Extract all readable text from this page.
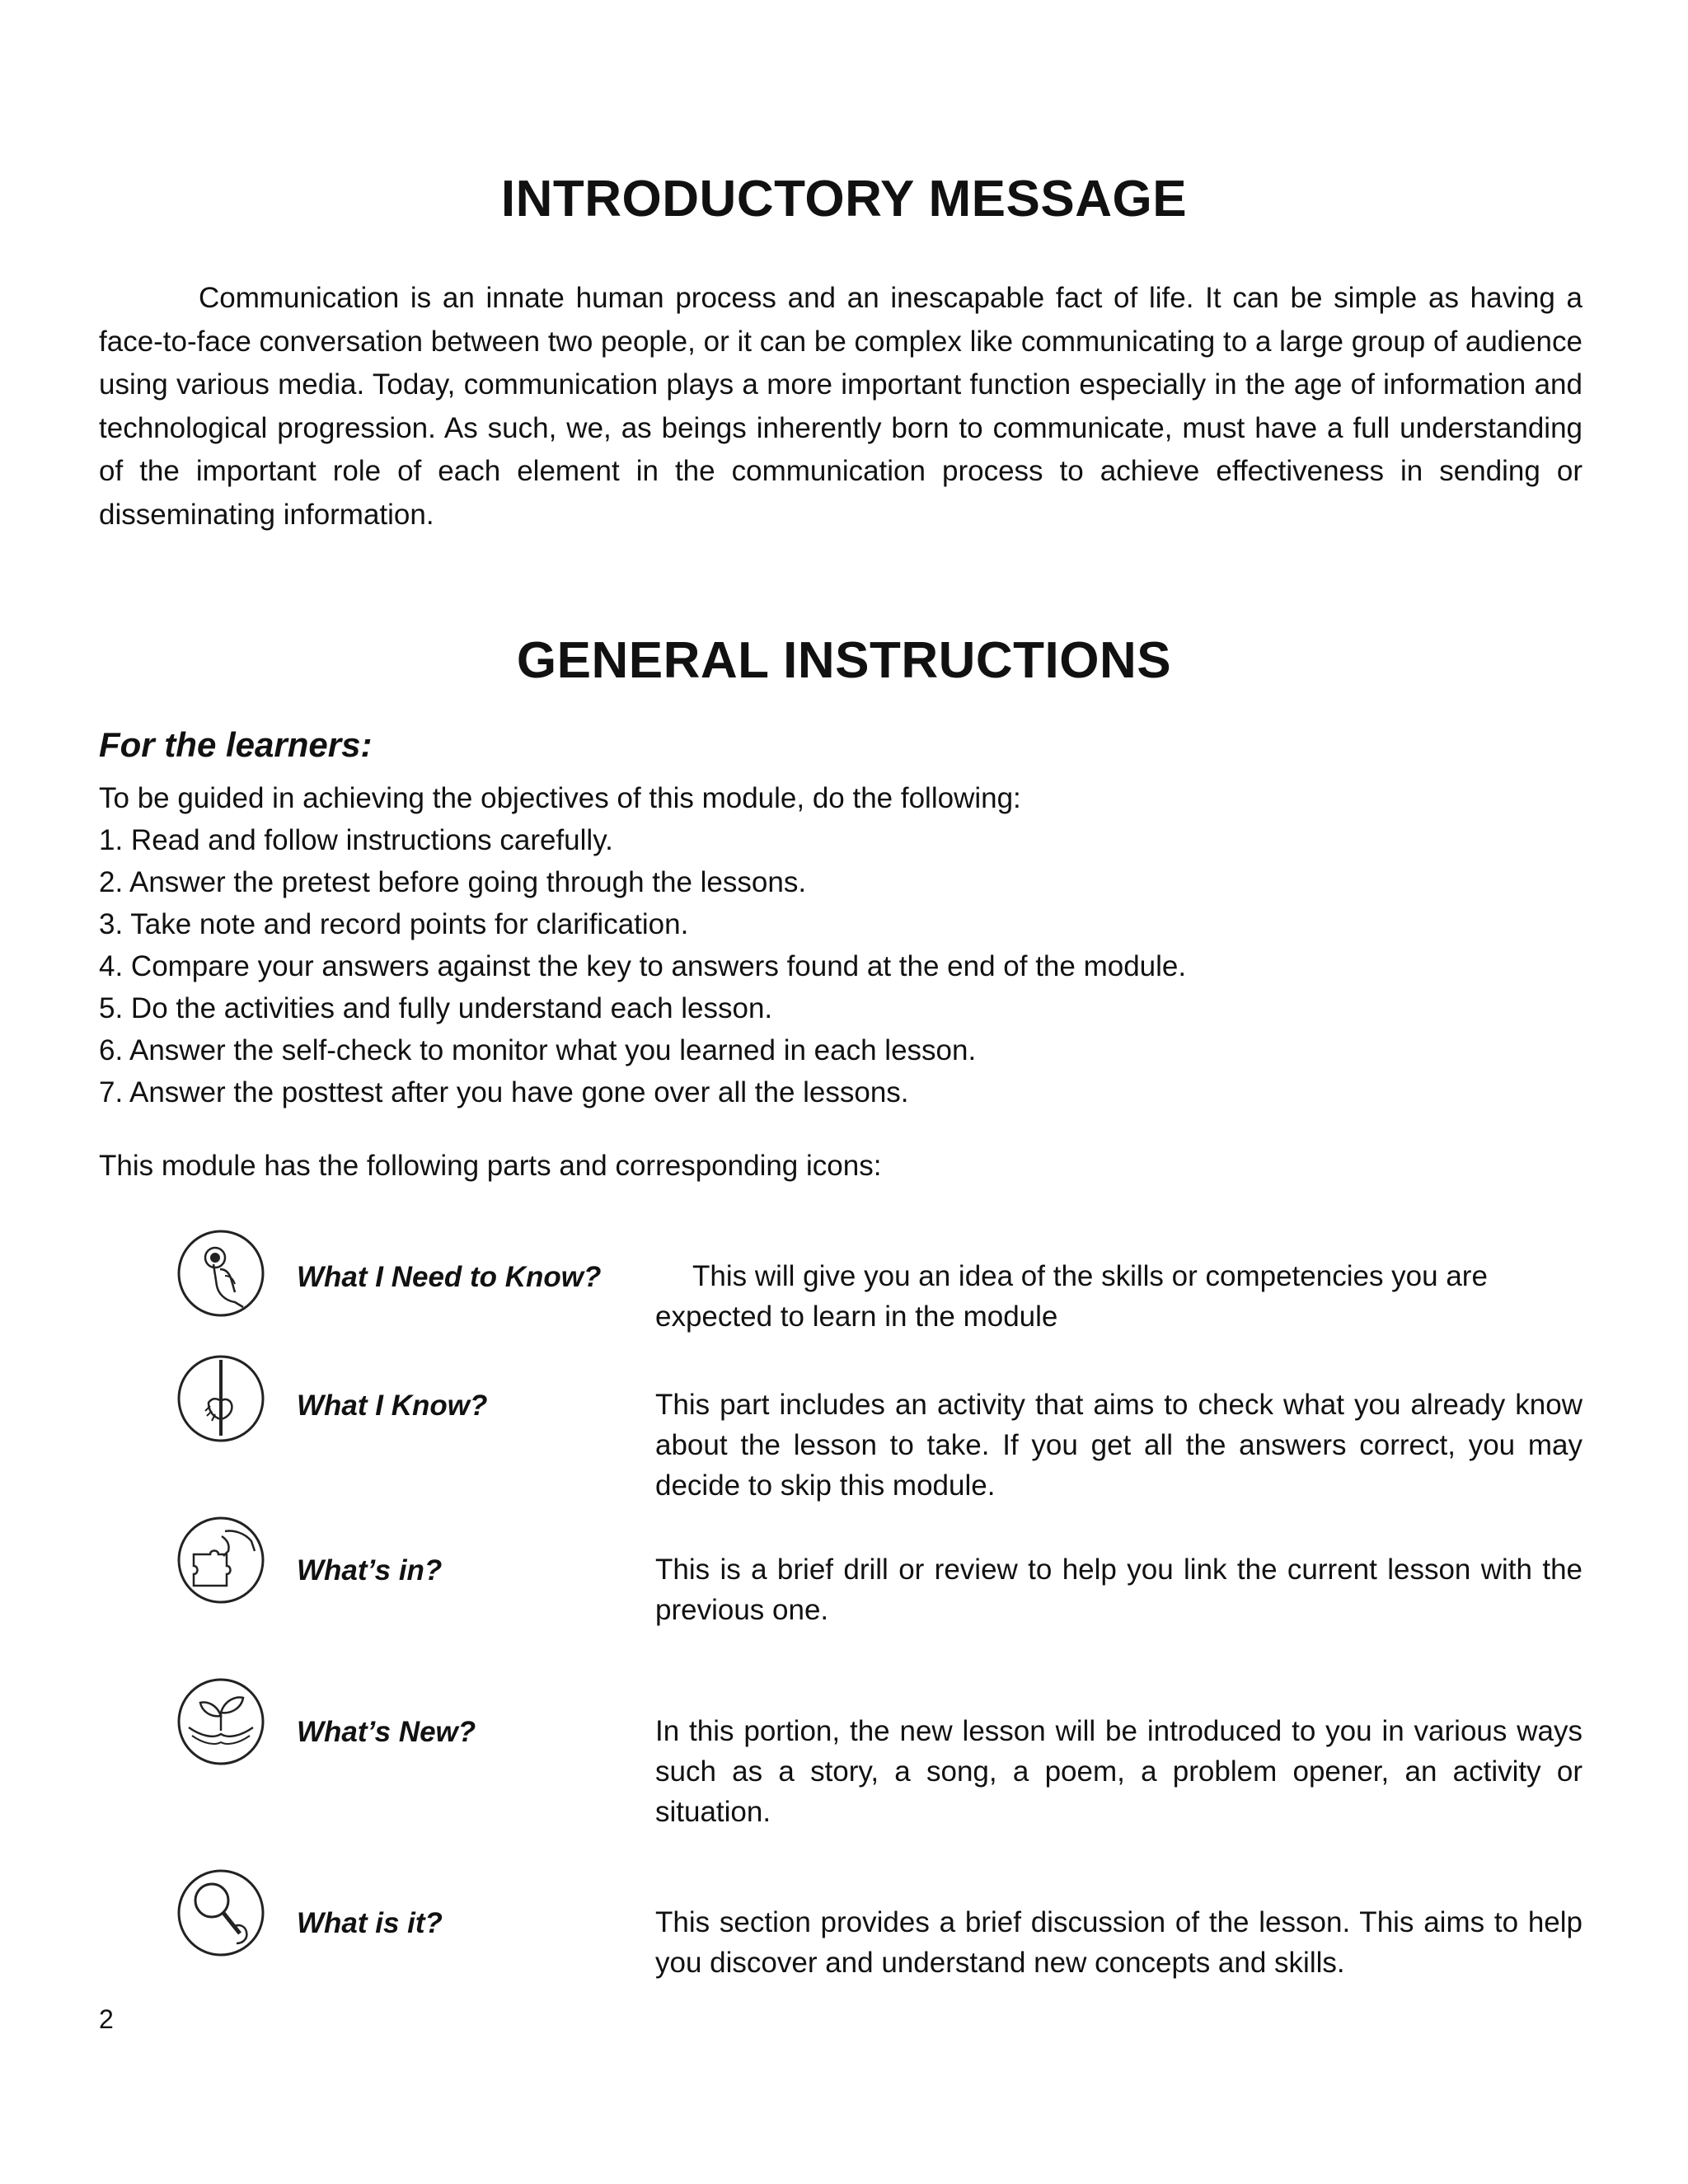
INTRODUCTORY MESSAGE

Communication is an innate human process and an inescapable fact of life. It can be simple as having a face-to-face conversation between two people, or it can be complex like communicating to a large group of audience using various media. Today, communication plays a more important function especially in the age of information and technological progression. As such, we, as beings inherently born to communicate, must have a full understanding of the important role of each element in the communication process to achieve effectiveness in sending or disseminating information.

GENERAL INSTRUCTIONS
For the learners:

To be guided in achieving the objectives of this module, do the following:

1. Read and follow instructions carefully.
2. Answer the pretest before going through the lessons.
3. Take note and record points for clarification.
4. Compare your answers against the key to answers found at the end of the module.
5. Do the activities and fully understand each lesson.
6. Answer the self-check to monitor what you learned in each lesson.
7. Answer the posttest after you have gone over all the lessons.

This module has the following parts and corresponding icons:

What I Need to Know?	This will give you an idea of the skills or competencies you are expected to learn in the module

What I Know?	This part includes an activity that aims to check what you already know about the lesson to take. If you get all the answers correct, you may decide to skip this module.

What’s in?	This is a brief drill or review to help you link the current lesson with the previous one.

What’s New?	In this portion, the new lesson will be introduced to you in various ways such as a story, a song, a poem, a problem opener, an activity or situation.

What is it?	This section provides a brief discussion of the lesson. This aims to help you discover and understand new concepts and skills.

2
